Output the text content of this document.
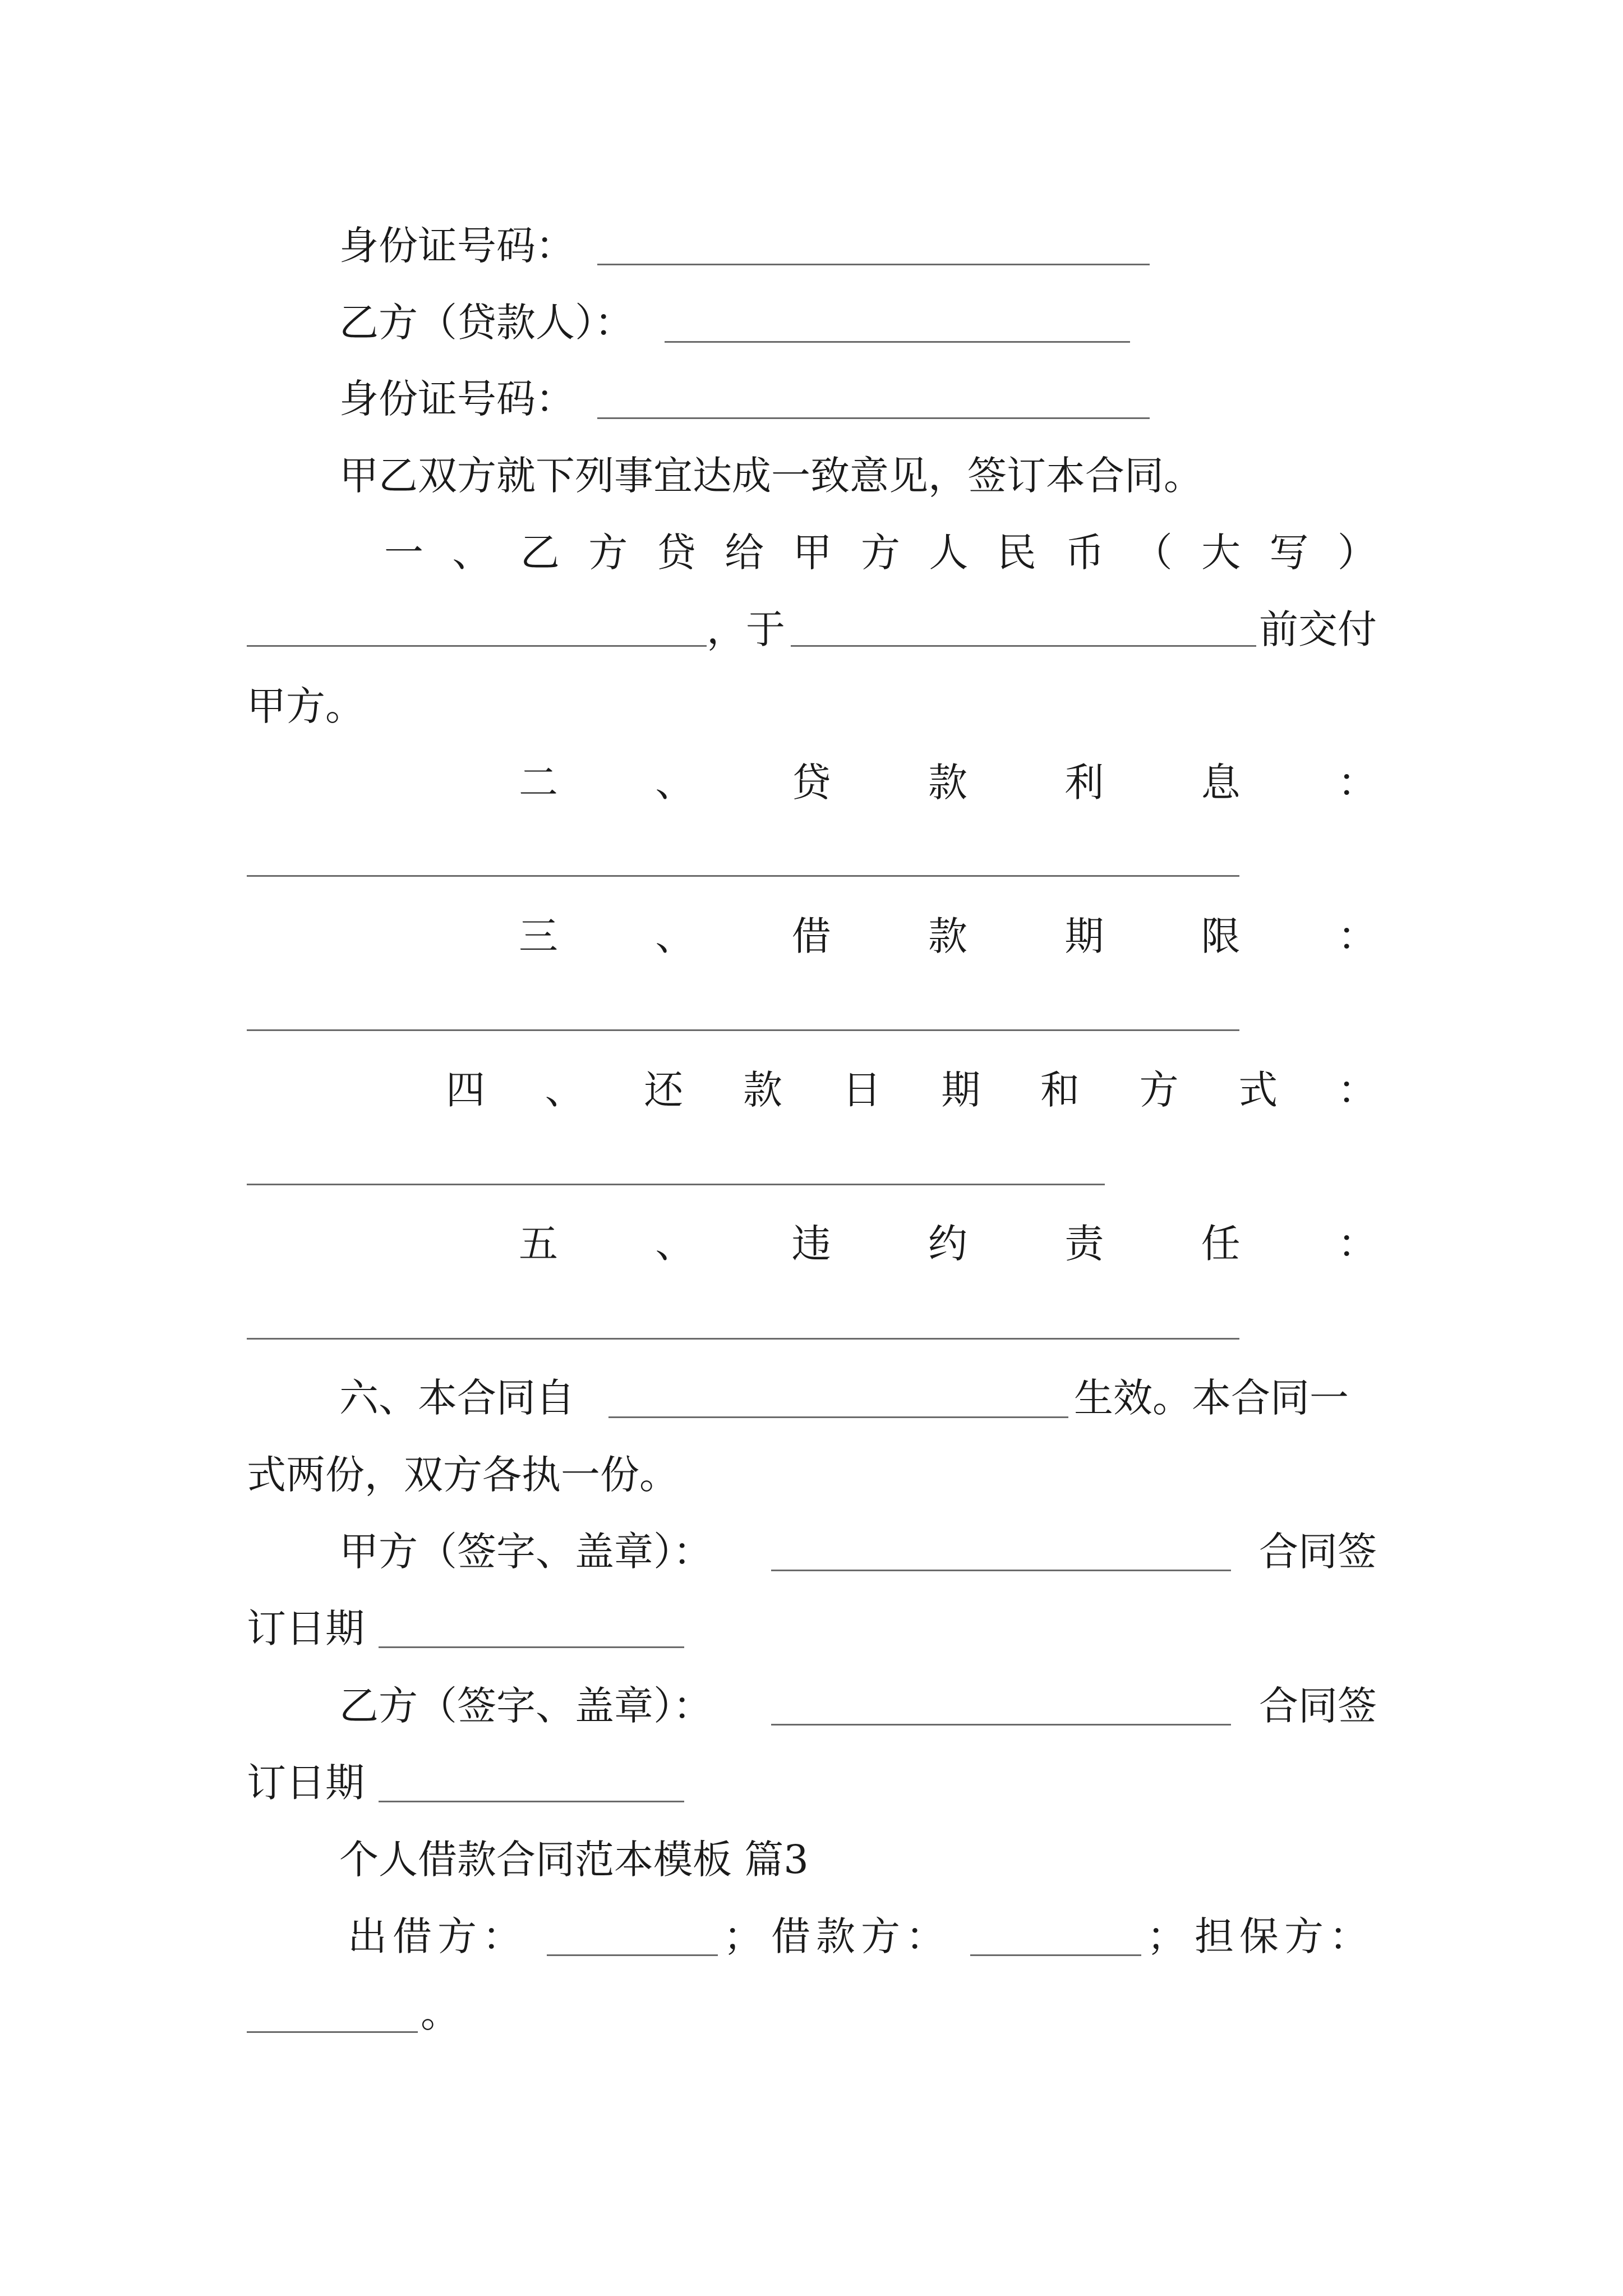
身份证号码：
乙方（贷款人）：
身份证号码：
甲乙双方就下列事宜达成一致意见，签订本合同。
一 、 乙 方 贷 给 甲 方 人 民 币 （ 大 写 ）
，于	前交付
甲方。
二 、 贷 款 利 息 ：
三 、 借 款 期 限 ：
四 、 还 款 日 期 和 方 式 ：
五 、 违 约 责 任 ：
六、本合同自	生效。本合同一
式两份，双方各执一份。
甲方（签字、盖章）：	合同签
订日期
乙方（签字、盖章）：	合同签
订日期
个人借款合同范本模板 篇3
出借方：	； 借款方：	； 担保方：
。
